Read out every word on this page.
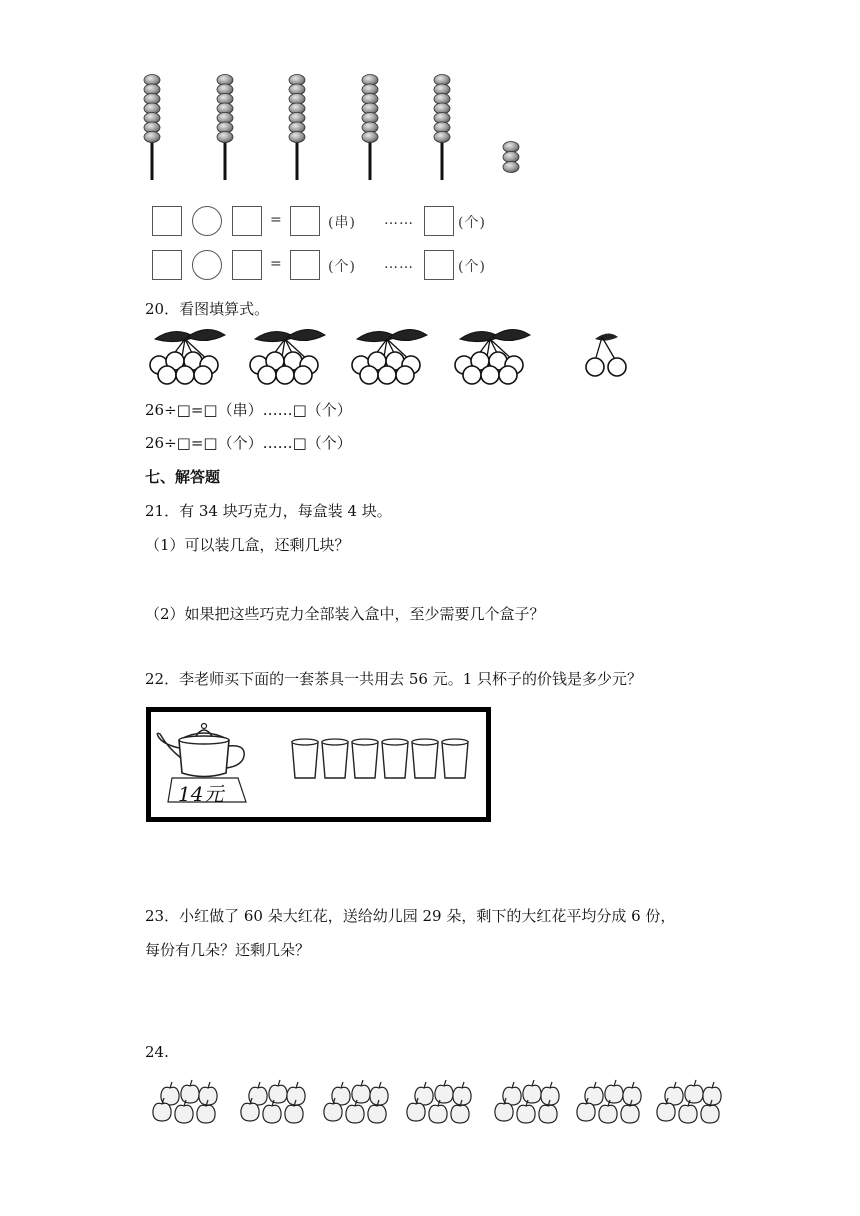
=	(串) ……	(个)
=	(个) ……	(个)
20．看图填算式。
26÷□=□（串）……□（个）
26÷□=□（个）……□（个）
七、解答题
21．有 34 块巧克力，每盒装 4 块。
（1）可以装几盒，还剩几块？
（2）如果把这些巧克力全部装入盒中，至少需要几个盒子？
22．李老师买下面的一套茶具一共用去 56 元。1 只杯子的价钱是多少元？
14元
23．小红做了 60 朵大红花，送给幼儿园 29 朵，剩下的大红花平均分成 6 份，
每份有几朵？还剩几朵？
24.
